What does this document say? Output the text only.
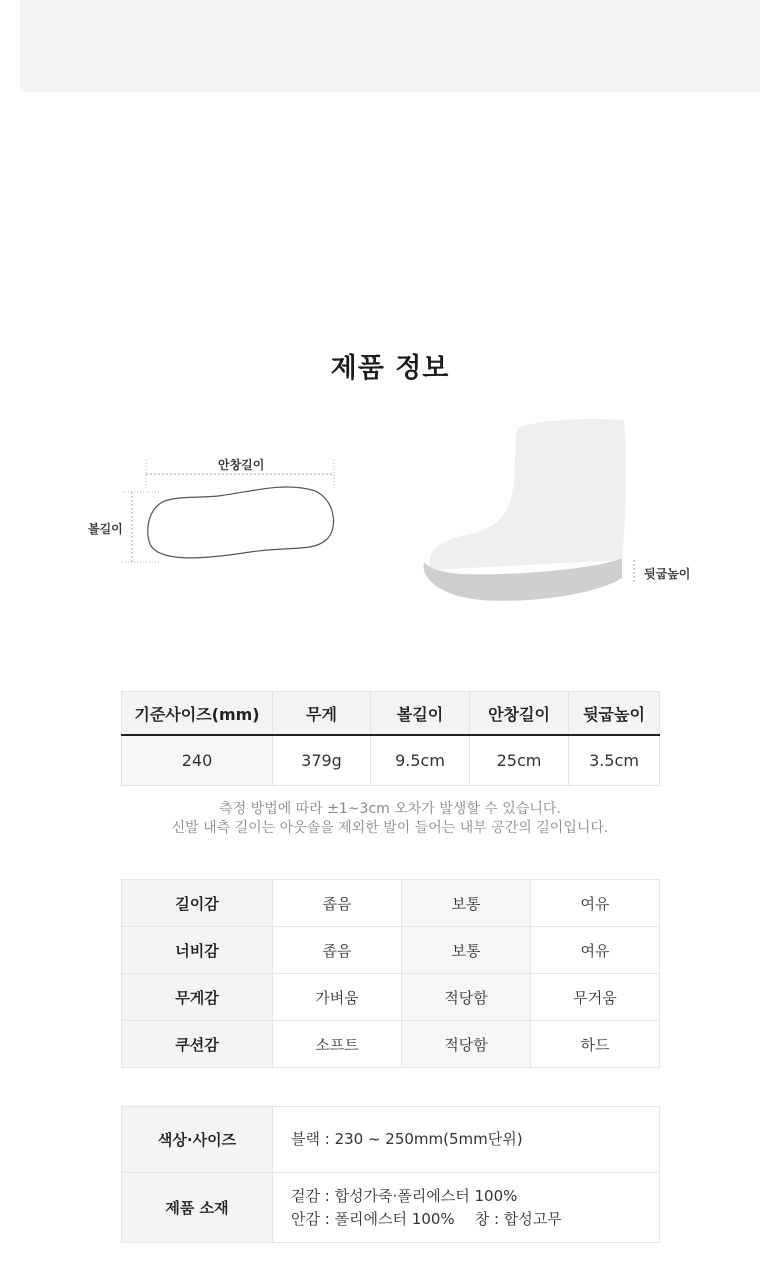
제품 정보
안창길이
볼길이
뒷굽높이
기준사이즈(mm)	무게	볼길이	안창길이	뒷굽높이
240	379g	9.5cm	25cm	3.5cm
측정 방법에 따라 ±1~3cm 오차가 발생할 수 있습니다.
신발 내측 길이는 아웃솔을 제외한 발이 들어는 내부 공간의 길이입니다.
길이감	좁음	보통	여유
너비감	좁음	보통	여유
무게감	가벼움	적당함	무거움
쿠션감	소프트	적당함	하드
색상·사이즈	블랙 : 230 ~ 250mm(5mm단위)
제품 소재	겉감 : 합성가죽·폴리에스터 100%
안감 : 폴리에스터 100% 창 : 합성고무
